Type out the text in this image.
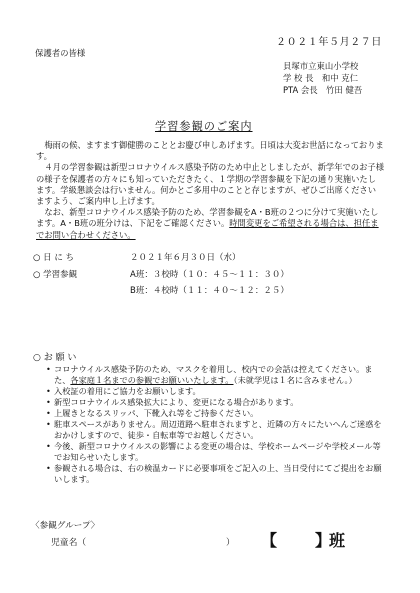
２０２１年５月２７日
保護者の皆様
貝塚市立東山小学校
学 校 長　和中 克仁
PTA 会長　竹田 健吾
学習参観のご案内

　梅雨の候、ますます御健勝のこととお慶び申しあげます。日頃は大変お世話になっております。

　４月の学習参観は新型コロナウイルス感染予防のため中止としましたが、新学年でのお子様の様子を保護者の方々にも知っていただきたく、１学期の学習参観を下記の通り実施いたします。学級懇談会は行いません。何かとご多用中のことと存じますが、ぜひご出席くださいますよう、ご案内申し上げます。

　なお、新型コロナウイルス感染予防のため、学習参観をA・B班の２つに分けて実施いたします。A・B班の班分けは、下記をご確認ください。時間変更をご希望される場合は、担任までお問い合わせください。

○ 日 に ち	２０２１年６月３０日（水）
○ 学習参観	A班：３校時（１０：４５～１１：３０）
B班：４校時（１１：４０～１２：２５）
○ お 願 い
• コロナウイルス感染予防のため、マスクを着用し、校内での会話は控えてください。また、各家庭１名までの参観でお願いいたします。（未就学児は１名に含みません。）
• 入校証の着用にご協力をお願いします。
• 新型コロナウイルス感染拡大により、変更になる場合があります。
• 上履きとなるスリッパ、下靴入れ等をご持参ください。
• 駐車スペースがありません。周辺道路へ駐車されますと、近隣の方々にたいへんご迷惑をおかけしますので、徒歩・自転車等でお越しください。
• 今後、新型コロナウイルスの影響による変更の場合は、学校ホームページや学校メール等でお知らせいたします。
• 参観される場合は、右の検温カードに必要事項をご記入の上、当日受付にてご提出をお願いします。
〈参観グループ〉
児童名（	） 【 】
班
